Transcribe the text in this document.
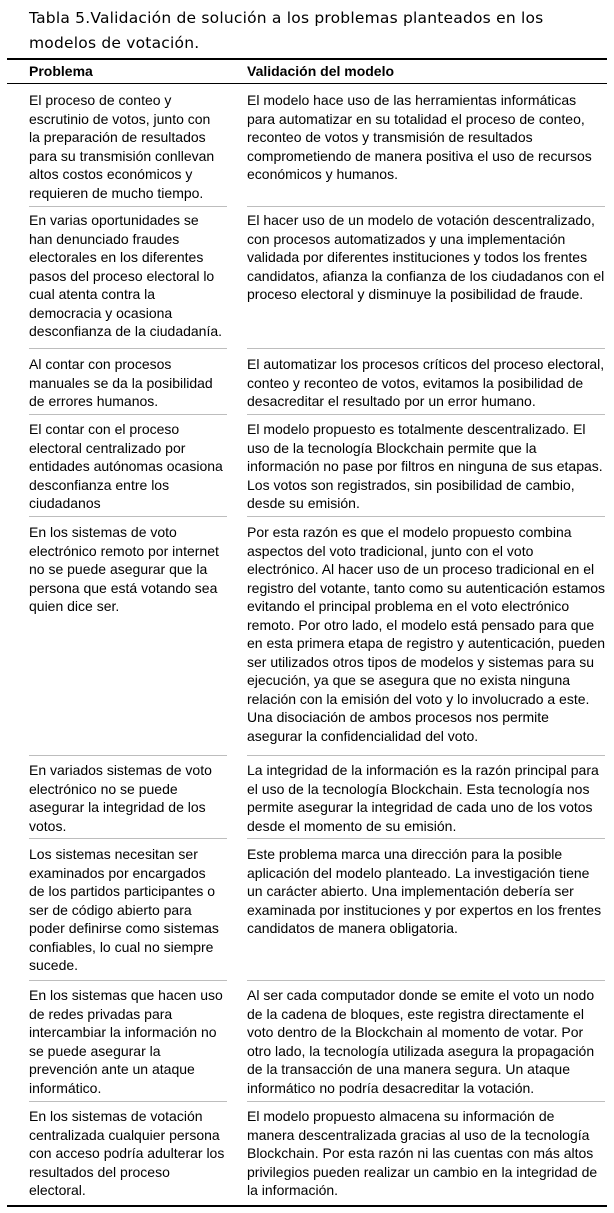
Tabla 5.Validación de solución a los problemas planteados en los modelos de votación.
Problema	Validación del modelo
El proceso de conteo y escrutinio de votos, junto con la preparación de resultados para su transmisión conllevan altos costos económicos y requieren de mucho tiempo.
El modelo hace uso de las herramientas informáticas para automatizar en su totalidad el proceso de conteo, reconteo de votos y transmisión de resultados comprometiendo de manera positiva el uso de recursos económicos y humanos.
En varias oportunidades se han denunciado fraudes electorales en los diferentes pasos del proceso electoral lo cual atenta contra la democracia y ocasiona desconfianza de la ciudadanía.
El hacer uso de un modelo de votación descentralizado, con procesos automatizados y una implementación validada por diferentes instituciones y todos los frentes candidatos, afianza la confianza de los ciudadanos con el proceso electoral y disminuye la posibilidad de fraude.
Al contar con procesos manuales se da la posibilidad de errores humanos.
El automatizar los procesos críticos del proceso electoral, conteo y reconteo de votos, evitamos la posibilidad de desacreditar el resultado por un error humano.
El contar con el proceso electoral centralizado por entidades autónomas ocasiona desconfianza entre los ciudadanos
El modelo propuesto es totalmente descentralizado. El uso de la tecnología Blockchain permite que la información no pase por filtros en ninguna de sus etapas. Los votos son registrados, sin posibilidad de cambio, desde su emisión.
En los sistemas de voto electrónico remoto por internet no se puede asegurar que la persona que está votando sea quien dice ser.
Por esta razón es que el modelo propuesto combina aspectos del voto tradicional, junto con el voto electrónico. Al hacer uso de un proceso tradicional en el registro del votante, tanto como su autenticación estamos evitando el principal problema en el voto electrónico remoto. Por otro lado, el modelo está pensado para que en esta primera etapa de registro y autenticación, pueden ser utilizados otros tipos de modelos y sistemas para su ejecución, ya que se asegura que no exista ninguna relación con la emisión del voto y lo involucrado a este. Una disociación de ambos procesos nos permite asegurar la confidencialidad del voto.
En variados sistemas de voto electrónico no se puede asegurar la integridad de los votos.
La integridad de la información es la razón principal para el uso de la tecnología Blockchain. Esta tecnología nos permite asegurar la integridad de cada uno de los votos desde el momento de su emisión.
Los sistemas necesitan ser examinados por encargados de los partidos participantes o ser de código abierto para poder definirse como sistemas confiables, lo cual no siempre sucede.
Este problema marca una dirección para la posible aplicación del modelo planteado. La investigación tiene un carácter abierto. Una implementación debería ser examinada por instituciones y por expertos en los frentes candidatos de manera obligatoria.
En los sistemas que hacen uso de redes privadas para intercambiar la información no se puede asegurar la prevención ante un ataque informático.
Al ser cada computador donde se emite el voto un nodo de la cadena de bloques, este registra directamente el voto dentro de la Blockchain al momento de votar. Por otro lado, la tecnología utilizada asegura la propagación de la transacción de una manera segura. Un ataque informático no podría desacreditar la votación.
En los sistemas de votación centralizada cualquier persona con acceso podría adulterar los resultados del proceso electoral.
El modelo propuesto almacena su información de manera descentralizada gracias al uso de la tecnología Blockchain. Por esta razón ni las cuentas con más altos privilegios pueden realizar un cambio en la integridad de la información.
